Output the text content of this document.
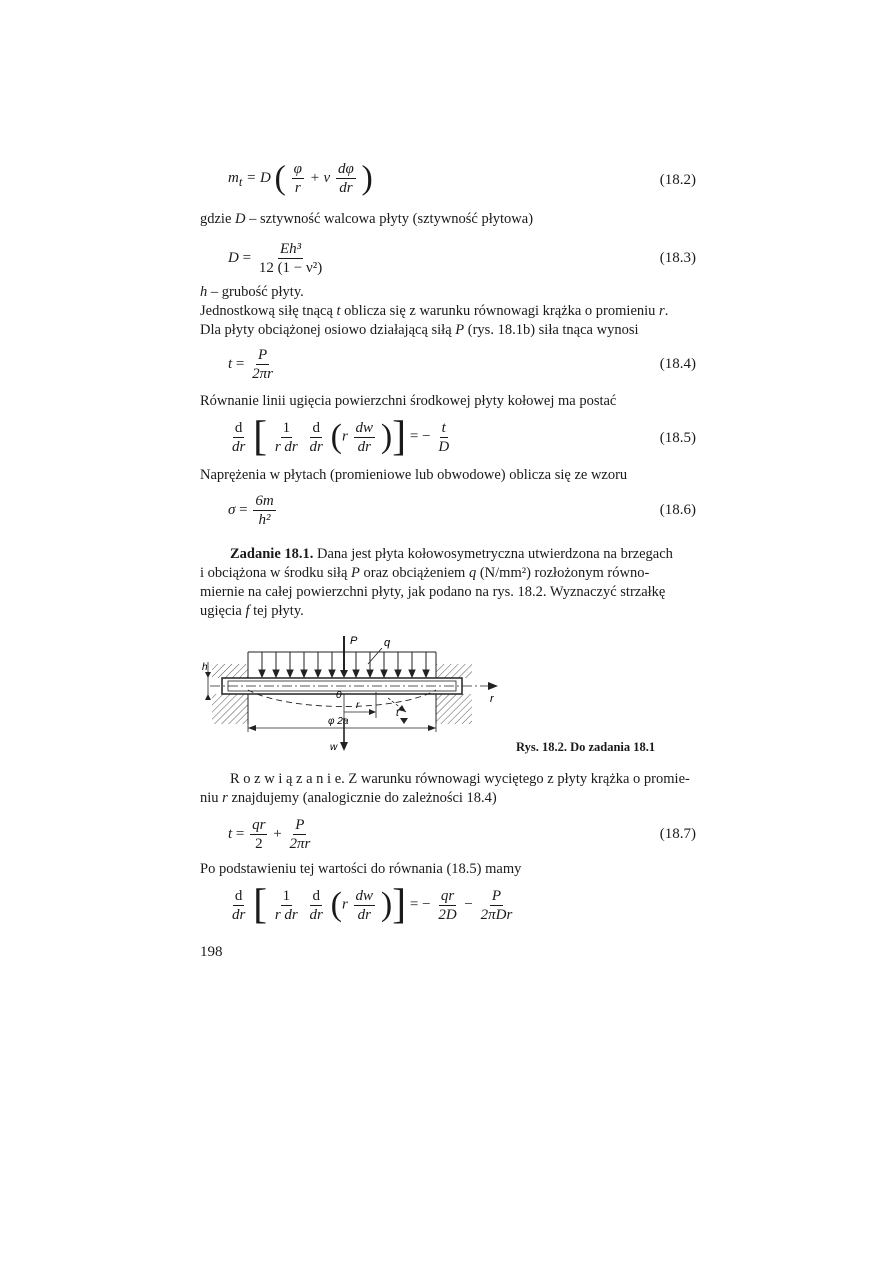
$m_t = D$ ( $\frac{\varphi}{r} + \nu \frac{d\varphi}{dr}$ )	(18.2)
gdzie D – sztywność walcowa płyty (sztywność płytowa)
$D = \frac{\text{Eh³}}{\text{12 (1 − ν²)}}$	(18.3)
h – grubość płyty.
Jednostkową siłę tnącą t oblicza się z warunku równowagi krążka o promieniu r.
Dla płyty obciążonej osiowo działającą siłą P (rys. 18.1b) siła tnąca wynosi
$t = \frac{P}{2\pi r}$	(18.4)
Równanie linii ugięcia powierzchni środkowej płyty kołowej ma postać
$\frac{d}{dr}$ [ $\frac{1}{\text{r dr}}$
$\frac{d}{dr} (r \frac{dw}{dr}$ )] = − $\frac{t}{D}$	(18.5)
Naprężenia w płytach (promieniowe lub obwodowe) oblicza się ze wzoru
$\sigma = \frac{6m}{\text{h²}}$	(18.6)
Zadanie 18.1. Dana jest płyta kołowosymetryczna utwierdzona na brzegach
i obciążona w środku siłą P oraz obciążeniem q (N/mm²) rozłożonym równo-
miernie na całej powierzchni płyty, jak podano na rys. 18.2. Wyznaczyć strzałkę
ugięcia f tej płyty.
P q
h
0
r
t
r
φ 2a
w	Rys. 18.2. Do zadania 18.1
R o z w i ą z a n i e. Z warunku równowagi wyciętego z płyty krążka o promie-
niu r znajdujemy (analogicznie do zależności 18.4)
$t = \frac{qr}{2} + \frac{P}{2\pi r}$	(18.7)
Po podstawieniu tej wartości do równania (18.5) mamy
$\frac{d}{dr}$ [ $\frac{1}{\text{r dr}}$
$\frac{d}{dr} (r \frac{dw}{dr}$ )] = − $\frac{qr}{2D} - \frac{P}{\text{2πDr}}$
198
